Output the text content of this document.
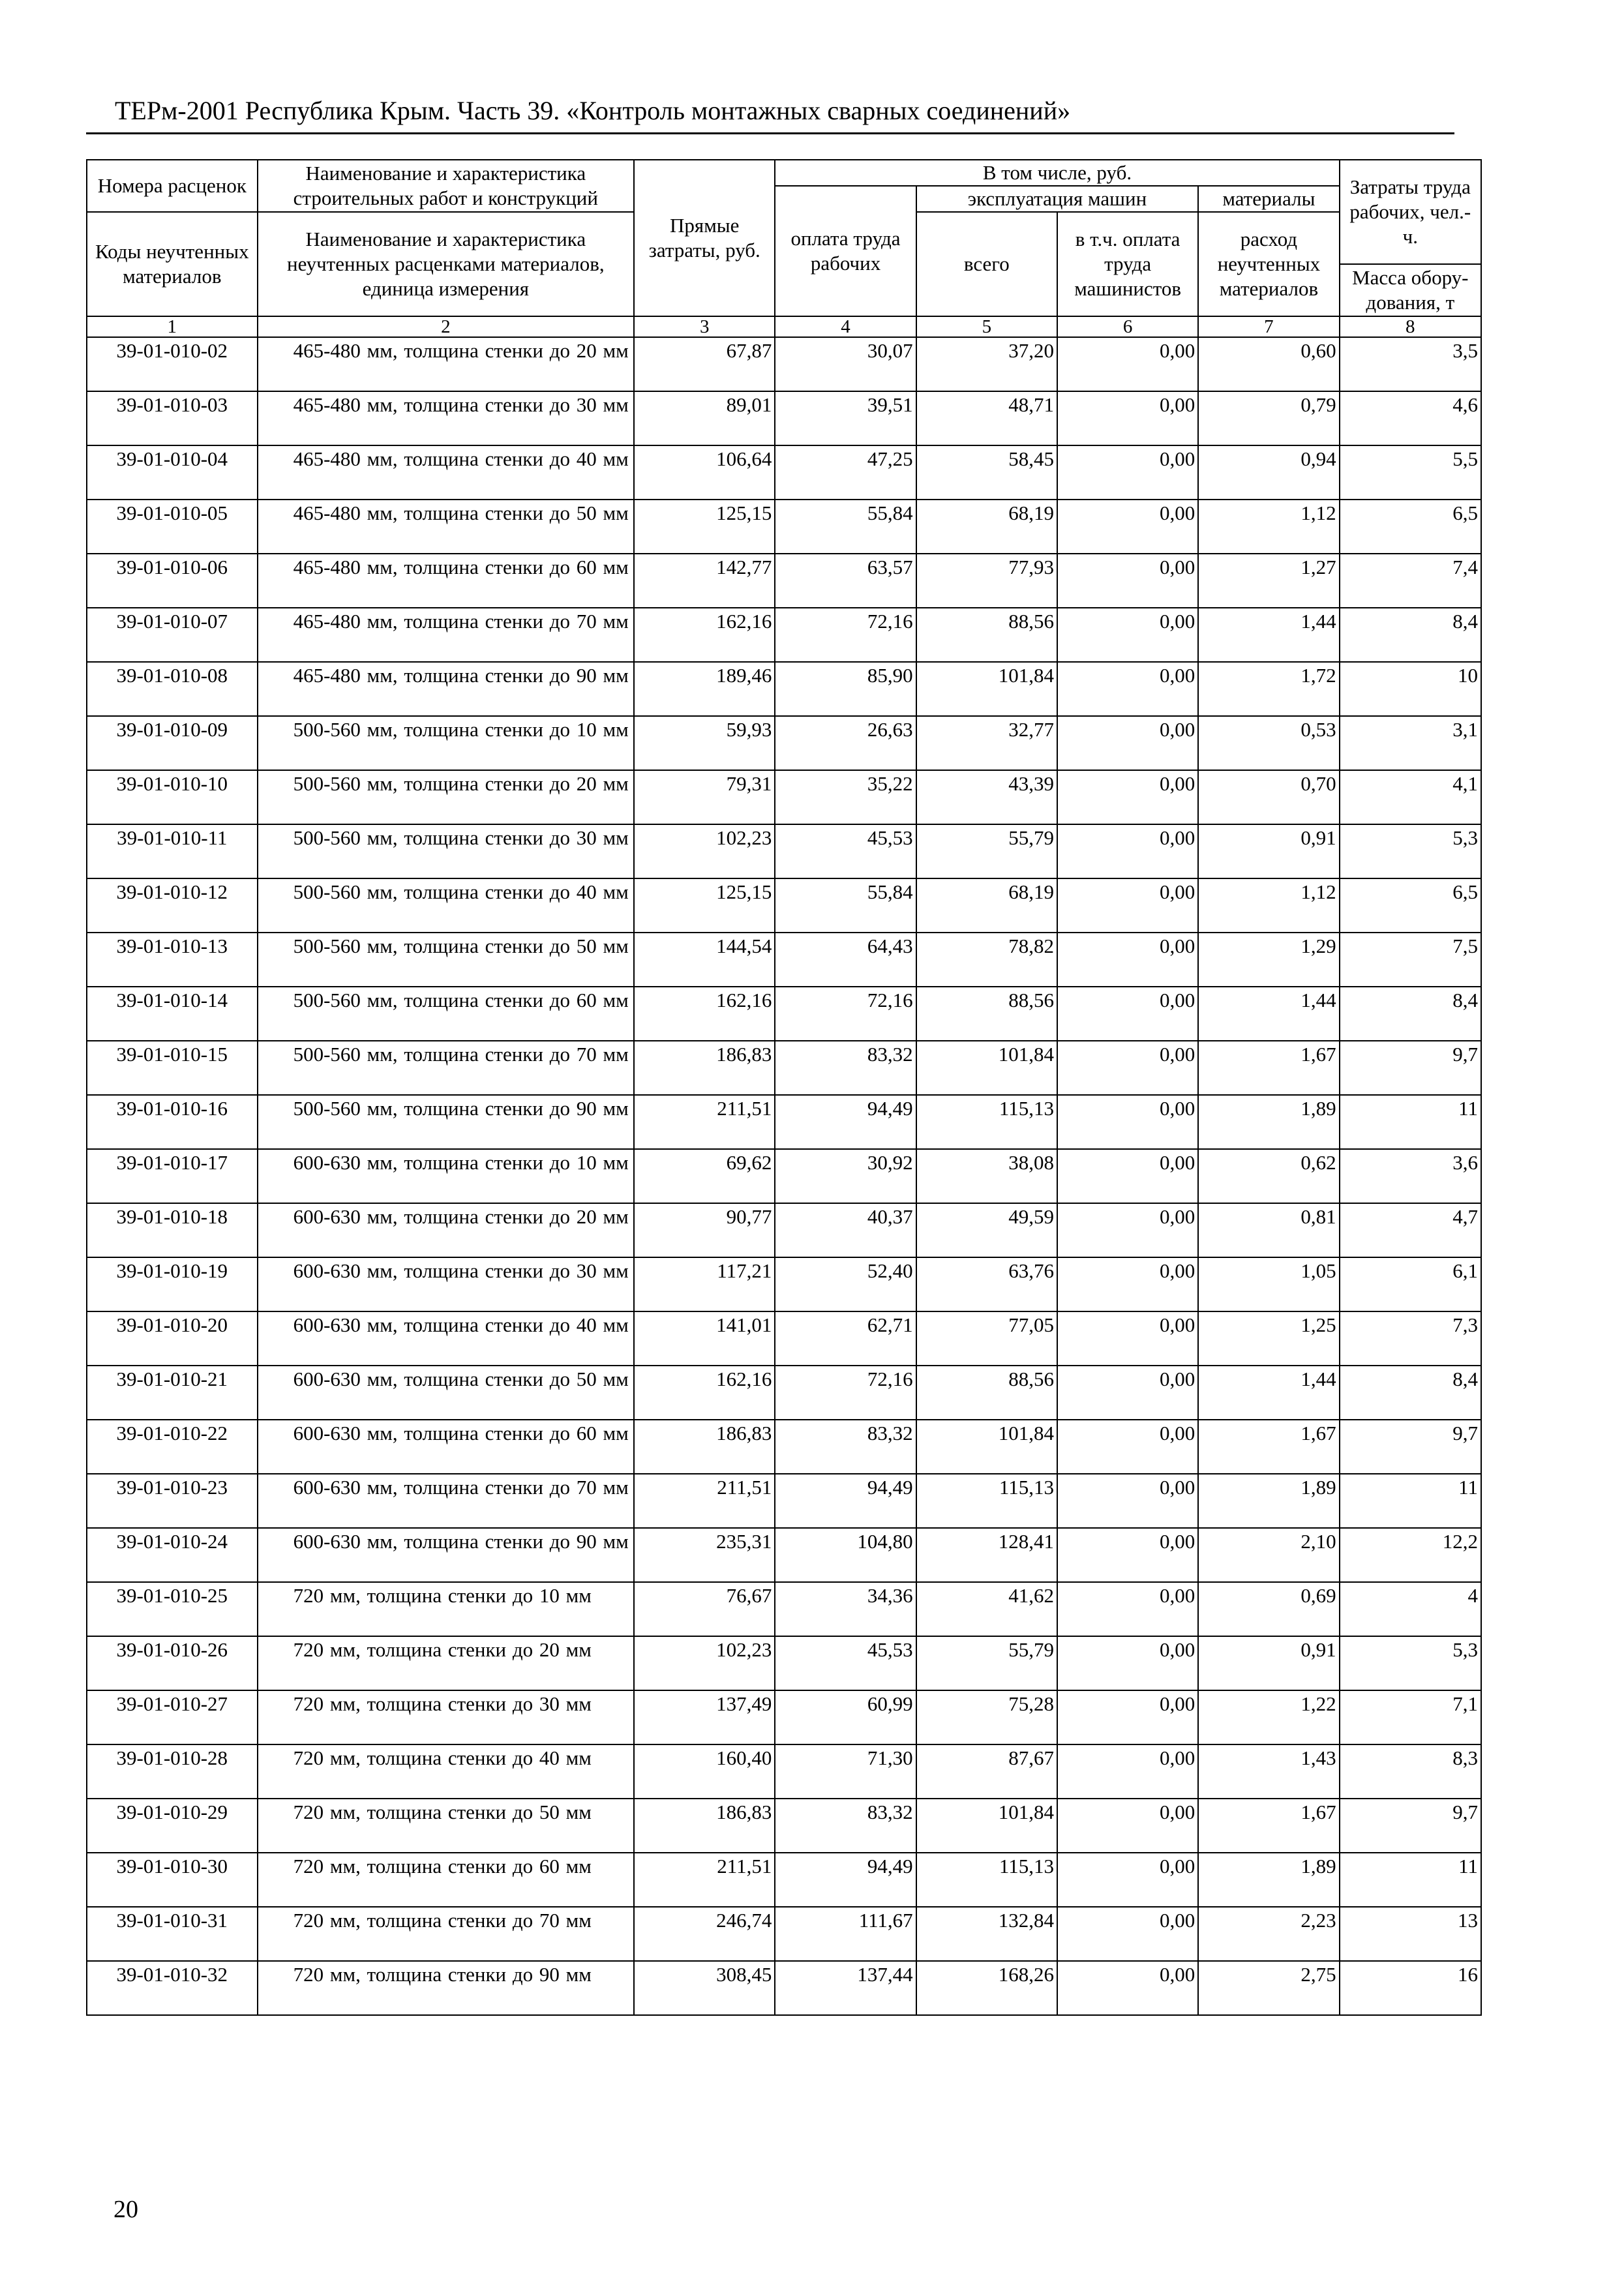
ТЕРм-2001 Республика Крым. Часть 39. «Контроль монтажных сварных соединений»
Номера расценок	Наименование и характеристика строительных работ и конструкций	Прямые затраты, руб.	В том числе, руб.				Затраты труда рабочих, чел.-ч.
			оплата труда рабочих	эксплуатация машин		материалы	
Коды неучтенных материалов	Наименование и характеристика неучтенных расценками материалов, единица измерения			всего	в т.ч. оплата труда машинистов	расход неучтенных материалов	
							Масса обору-дования, т
1	2	3	4	5	6	7	8
39-01-010-02	465-480 мм, толщина стенки до 20 мм	67,87	30,07	37,20	0,00	0,60	3,5
39-01-010-03	465-480 мм, толщина стенки до 30 мм	89,01	39,51	48,71	0,00	0,79	4,6
39-01-010-04	465-480 мм, толщина стенки до 40 мм	106,64	47,25	58,45	0,00	0,94	5,5
39-01-010-05	465-480 мм, толщина стенки до 50 мм	125,15	55,84	68,19	0,00	1,12	6,5
39-01-010-06	465-480 мм, толщина стенки до 60 мм	142,77	63,57	77,93	0,00	1,27	7,4
39-01-010-07	465-480 мм, толщина стенки до 70 мм	162,16	72,16	88,56	0,00	1,44	8,4
39-01-010-08	465-480 мм, толщина стенки до 90 мм	189,46	85,90	101,84	0,00	1,72	10
39-01-010-09	500-560 мм, толщина стенки до 10 мм	59,93	26,63	32,77	0,00	0,53	3,1
39-01-010-10	500-560 мм, толщина стенки до 20 мм	79,31	35,22	43,39	0,00	0,70	4,1
39-01-010-11	500-560 мм, толщина стенки до 30 мм	102,23	45,53	55,79	0,00	0,91	5,3
39-01-010-12	500-560 мм, толщина стенки до 40 мм	125,15	55,84	68,19	0,00	1,12	6,5
39-01-010-13	500-560 мм, толщина стенки до 50 мм	144,54	64,43	78,82	0,00	1,29	7,5
39-01-010-14	500-560 мм, толщина стенки до 60 мм	162,16	72,16	88,56	0,00	1,44	8,4
39-01-010-15	500-560 мм, толщина стенки до 70 мм	186,83	83,32	101,84	0,00	1,67	9,7
39-01-010-16	500-560 мм, толщина стенки до 90 мм	211,51	94,49	115,13	0,00	1,89	11
39-01-010-17	600-630 мм, толщина стенки до 10 мм	69,62	30,92	38,08	0,00	0,62	3,6
39-01-010-18	600-630 мм, толщина стенки до 20 мм	90,77	40,37	49,59	0,00	0,81	4,7
39-01-010-19	600-630 мм, толщина стенки до 30 мм	117,21	52,40	63,76	0,00	1,05	6,1
39-01-010-20	600-630 мм, толщина стенки до 40 мм	141,01	62,71	77,05	0,00	1,25	7,3
39-01-010-21	600-630 мм, толщина стенки до 50 мм	162,16	72,16	88,56	0,00	1,44	8,4
39-01-010-22	600-630 мм, толщина стенки до 60 мм	186,83	83,32	101,84	0,00	1,67	9,7
39-01-010-23	600-630 мм, толщина стенки до 70 мм	211,51	94,49	115,13	0,00	1,89	11
39-01-010-24	600-630 мм, толщина стенки до 90 мм	235,31	104,80	128,41	0,00	2,10	12,2
39-01-010-25	720 мм, толщина стенки до 10 мм	76,67	34,36	41,62	0,00	0,69	4
39-01-010-26	720 мм, толщина стенки до 20 мм	102,23	45,53	55,79	0,00	0,91	5,3
39-01-010-27	720 мм, толщина стенки до 30 мм	137,49	60,99	75,28	0,00	1,22	7,1
39-01-010-28	720 мм, толщина стенки до 40 мм	160,40	71,30	87,67	0,00	1,43	8,3
39-01-010-29	720 мм, толщина стенки до 50 мм	186,83	83,32	101,84	0,00	1,67	9,7
39-01-010-30	720 мм, толщина стенки до 60 мм	211,51	94,49	115,13	0,00	1,89	11
39-01-010-31	720 мм, толщина стенки до 70 мм	246,74	111,67	132,84	0,00	2,23	13
39-01-010-32	720 мм, толщина стенки до 90 мм	308,45	137,44	168,26	0,00	2,75	16
20
